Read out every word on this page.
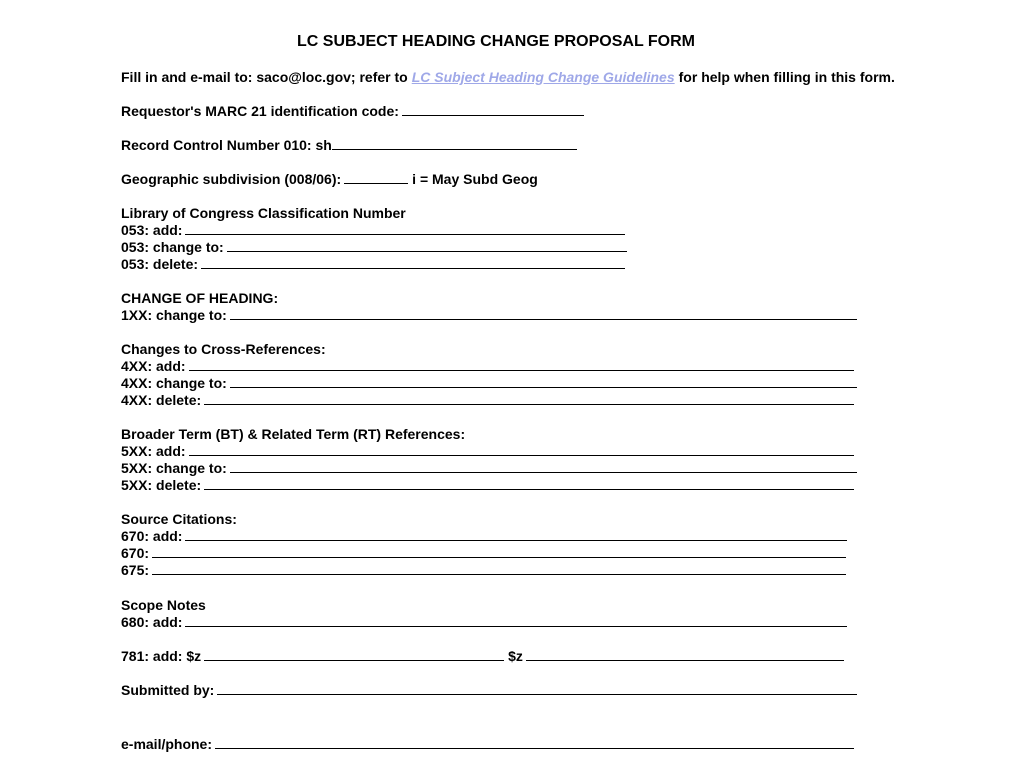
LC SUBJECT HEADING CHANGE PROPOSAL FORM
Fill in and e-mail to: saco@loc.gov; refer to LC Subject Heading Change Guidelines for help when filling in this form.
Requestor's MARC 21 identification code:
Record Control Number 010: sh
Geographic subdivision (008/06):	i = May Subd Geog
Library of Congress Classification Number
053: add:
053: change to:
053: delete:
CHANGE OF HEADING:
1XX: change to:
Changes to Cross-References:
4XX: add:
4XX: change to:
4XX: delete:
Broader Term (BT) & Related Term (RT) References:
5XX: add:
5XX: change to:
5XX: delete:
Source Citations:
670: add:
670:
675:
Scope Notes
680: add:
781: add: $z	$z
Submitted by:
e-mail/phone:
